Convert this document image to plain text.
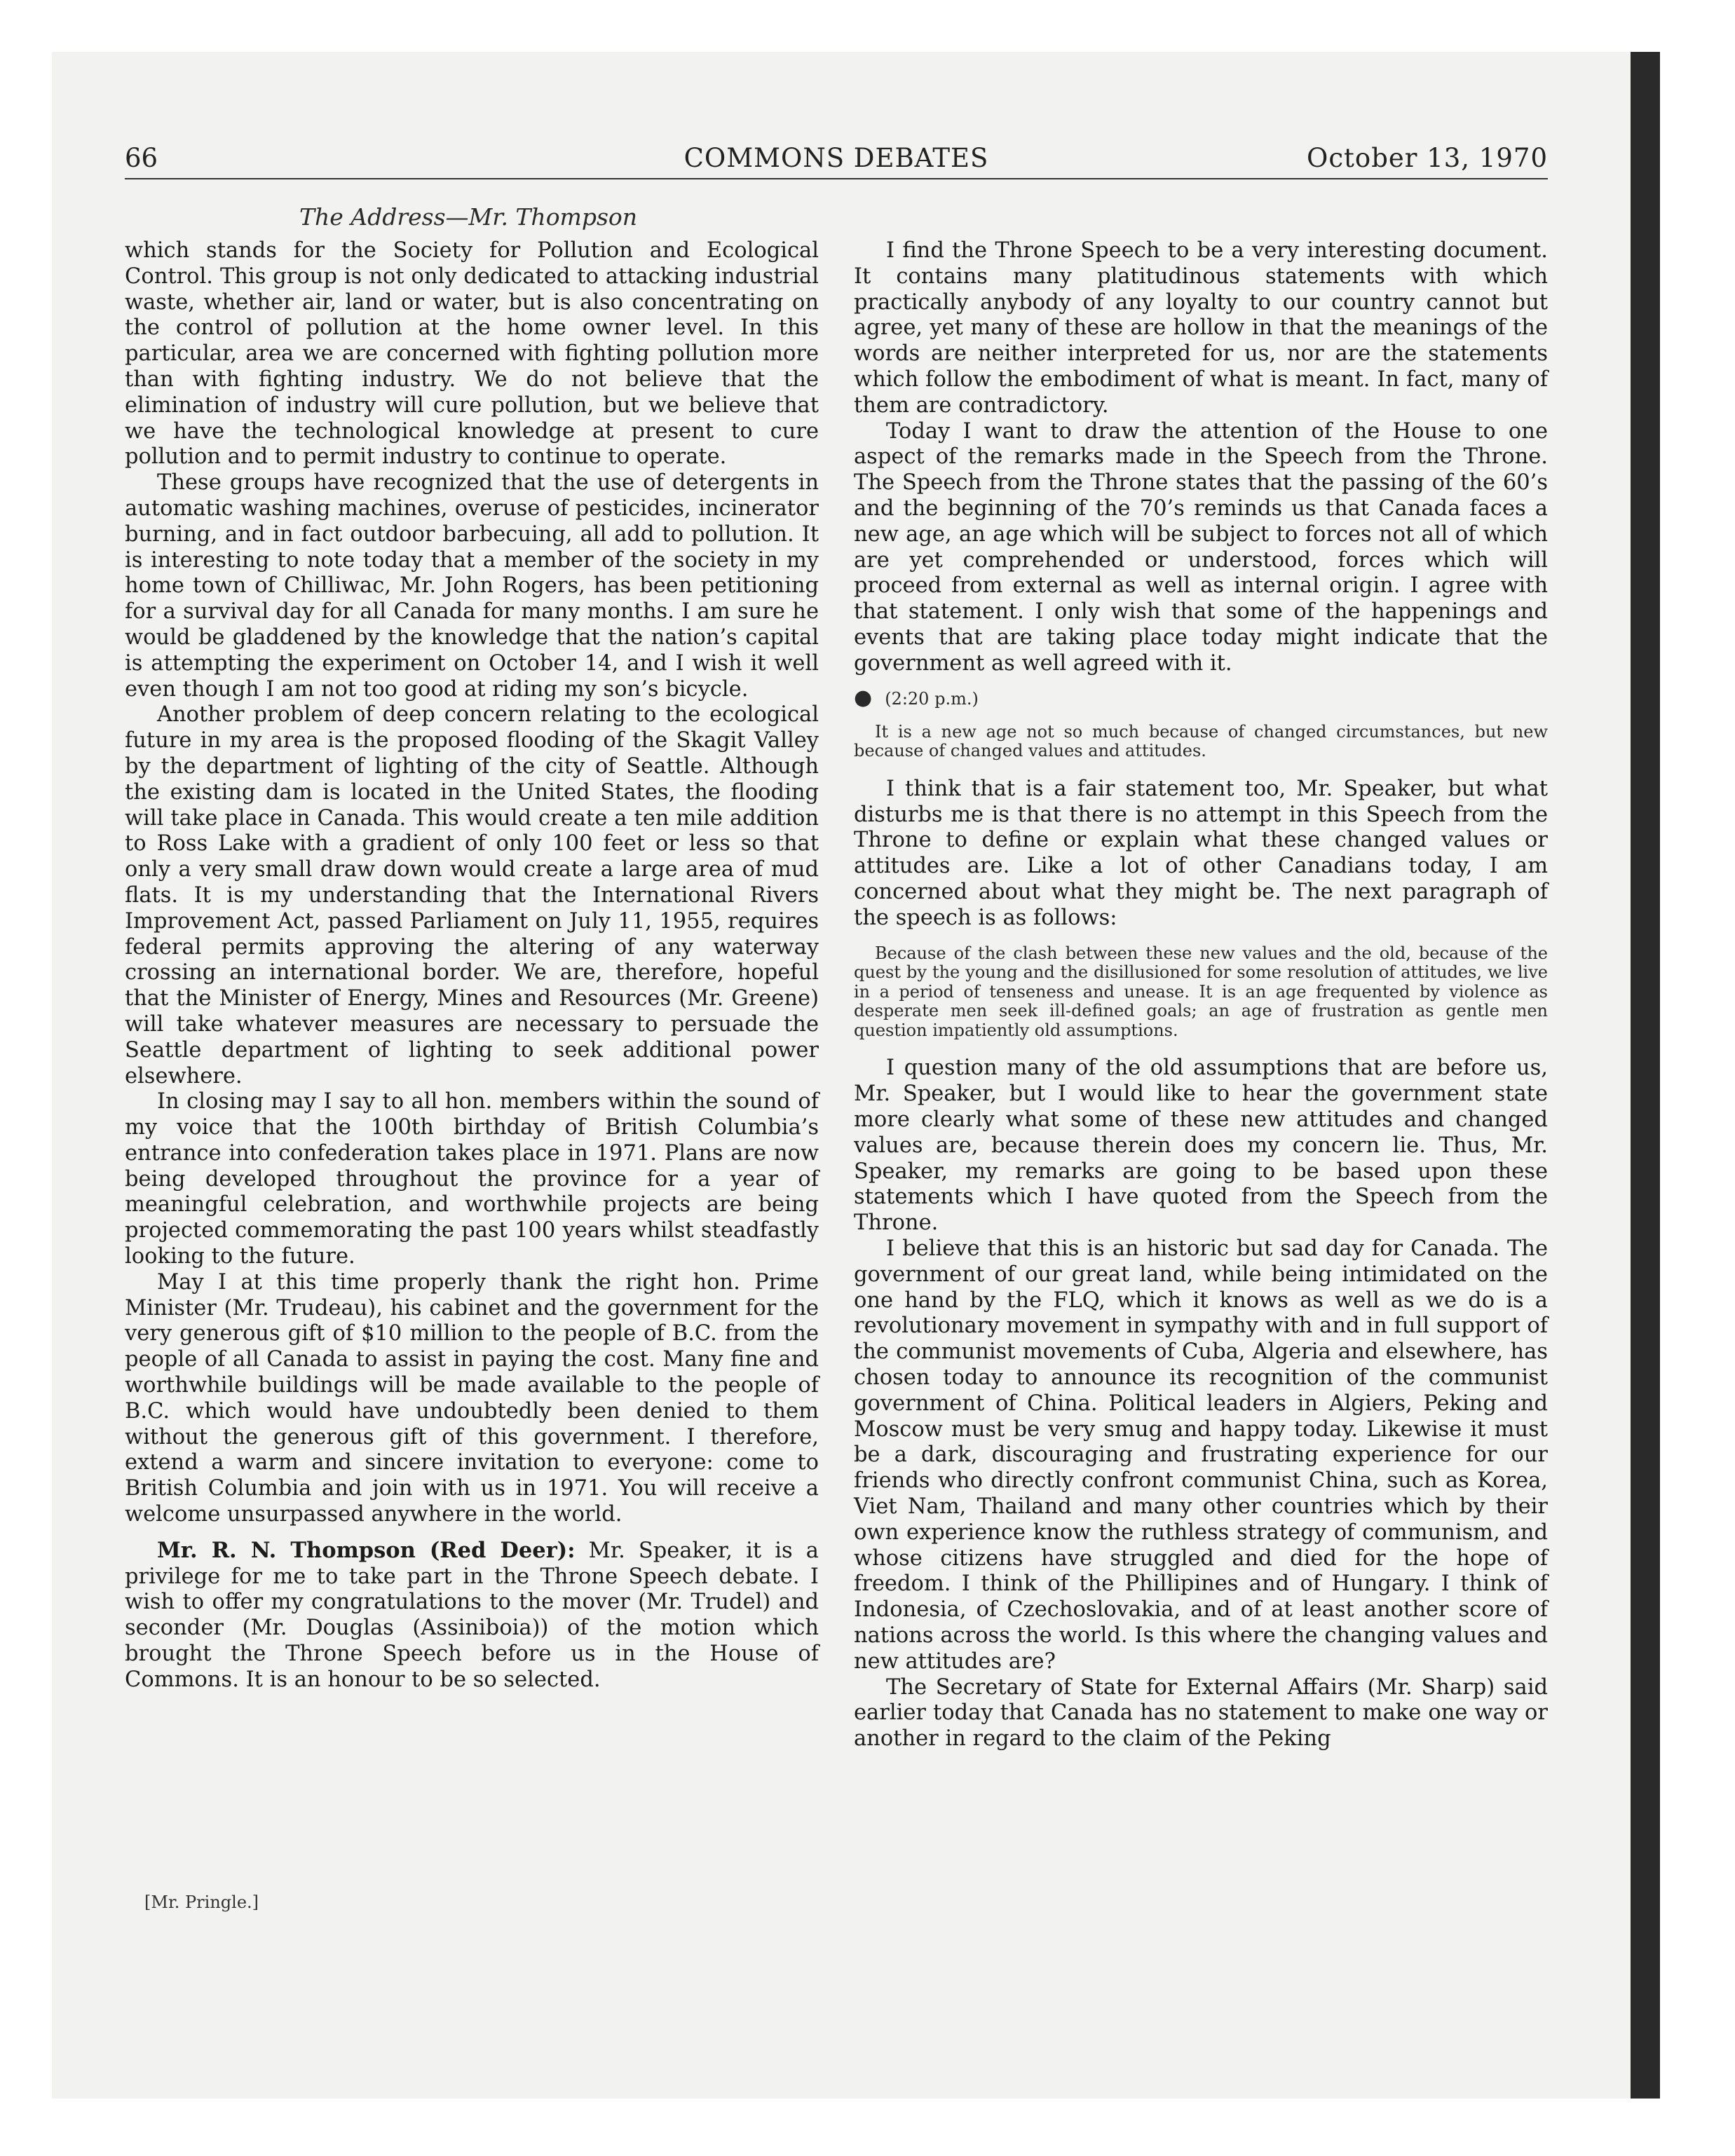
66	COMMONS DEBATES	October 13, 1970
The Address—Mr. Thompson

which stands for the Society for Pollution and Ecological Control. This group is not only dedicated to attacking industrial waste, whether air, land or water, but is also concentrating on the control of pollution at the home owner level. In this particular, area we are concerned with fighting pollution more than with fighting industry. We do not believe that the elimination of industry will cure pollution, but we believe that we have the technological knowledge at present to cure pollution and to permit industry to continue to operate.

These groups have recognized that the use of detergents in automatic washing machines, overuse of pesticides, incinerator burning, and in fact outdoor barbecuing, all add to pollution. It is interesting to note today that a member of the society in my home town of Chilliwac, Mr. John Rogers, has been petitioning for a survival day for all Canada for many months. I am sure he would be gladdened by the knowledge that the nation’s capital is attempting the experiment on October 14, and I wish it well even though I am not too good at riding my son’s bicycle.

Another problem of deep concern relating to the ecological future in my area is the proposed flooding of the Skagit Valley by the department of lighting of the city of Seattle. Although the existing dam is located in the United States, the flooding will take place in Canada. This would create a ten mile addition to Ross Lake with a gradient of only 100 feet or less so that only a very small draw down would create a large area of mud flats. It is my understanding that the International Rivers Improvement Act, passed Parliament on July 11, 1955, requires federal permits approving the altering of any waterway crossing an international border. We are, therefore, hopeful that the Minister of Energy, Mines and Resources (Mr. Greene) will take whatever measures are necessary to persuade the Seattle department of lighting to seek additional power elsewhere.

In closing may I say to all hon. members within the sound of my voice that the 100th birthday of British Columbia’s entrance into confederation takes place in 1971. Plans are now being developed throughout the province for a year of meaningful celebration, and worthwhile projects are being projected commemorating the past 100 years whilst steadfastly looking to the future.

May I at this time properly thank the right hon. Prime Minister (Mr. Trudeau), his cabinet and the government for the very generous gift of $10 million to the people of B.C. from the people of all Canada to assist in paying the cost. Many fine and worthwhile buildings will be made available to the people of B.C. which would have undoubtedly been denied to them without the generous gift of this government. I therefore, extend a warm and sincere invitation to everyone: come to British Columbia and join with us in 1971. You will receive a welcome unsurpassed anywhere in the world.

Mr. R. N. Thompson (Red Deer): Mr. Speaker, it is a privilege for me to take part in the Throne Speech debate. I wish to offer my congratulations to the mover (Mr. Trudel) and seconder (Mr. Douglas (Assiniboia)) of the motion which brought the Throne Speech before us in the House of Commons. It is an honour to be so selected.

[Mr. Pringle.]

I find the Throne Speech to be a very interesting document. It contains many platitudinous statements with which practically anybody of any loyalty to our country cannot but agree, yet many of these are hollow in that the meanings of the words are neither interpreted for us, nor are the statements which follow the embodiment of what is meant. In fact, many of them are contradictory.

Today I want to draw the attention of the House to one aspect of the remarks made in the Speech from the Throne. The Speech from the Throne states that the passing of the 60’s and the beginning of the 70’s reminds us that Canada faces a new age, an age which will be subject to forces not all of which are yet comprehended or understood, forces which will proceed from external as well as internal origin. I agree with that statement. I only wish that some of the happenings and events that are taking place today might indicate that the government as well agreed with it.

● (2:20 p.m.)
It is a new age not so much because of changed circumstances, but new because of changed values and attitudes.

I think that is a fair statement too, Mr. Speaker, but what disturbs me is that there is no attempt in this Speech from the Throne to define or explain what these changed values or attitudes are. Like a lot of other Canadians today, I am concerned about what they might be. The next paragraph of the speech is as follows:

Because of the clash between these new values and the old, because of the quest by the young and the disillusioned for some resolution of attitudes, we live in a period of tenseness and unease. It is an age frequented by violence as desperate men seek ill-defined goals; an age of frustration as gentle men question impatiently old assumptions.

I question many of the old assumptions that are before us, Mr. Speaker, but I would like to hear the government state more clearly what some of these new attitudes and changed values are, because therein does my concern lie. Thus, Mr. Speaker, my remarks are going to be based upon these statements which I have quoted from the Speech from the Throne.

I believe that this is an historic but sad day for Canada. The government of our great land, while being intimidated on the one hand by the FLQ, which it knows as well as we do is a revolutionary movement in sympathy with and in full support of the communist movements of Cuba, Algeria and elsewhere, has chosen today to announce its recognition of the communist government of China. Political leaders in Algiers, Peking and Moscow must be very smug and happy today. Likewise it must be a dark, discouraging and frustrating experience for our friends who directly confront communist China, such as Korea, Viet Nam, Thailand and many other countries which by their own experience know the ruthless strategy of communism, and whose citizens have struggled and died for the hope of freedom. I think of the Phillipines and of Hungary. I think of Indonesia, of Czechoslovakia, and of at least another score of nations across the world. Is this where the changing values and new attitudes are?

The Secretary of State for External Affairs (Mr. Sharp) said earlier today that Canada has no statement to make one way or another in regard to the claim of the Peking
